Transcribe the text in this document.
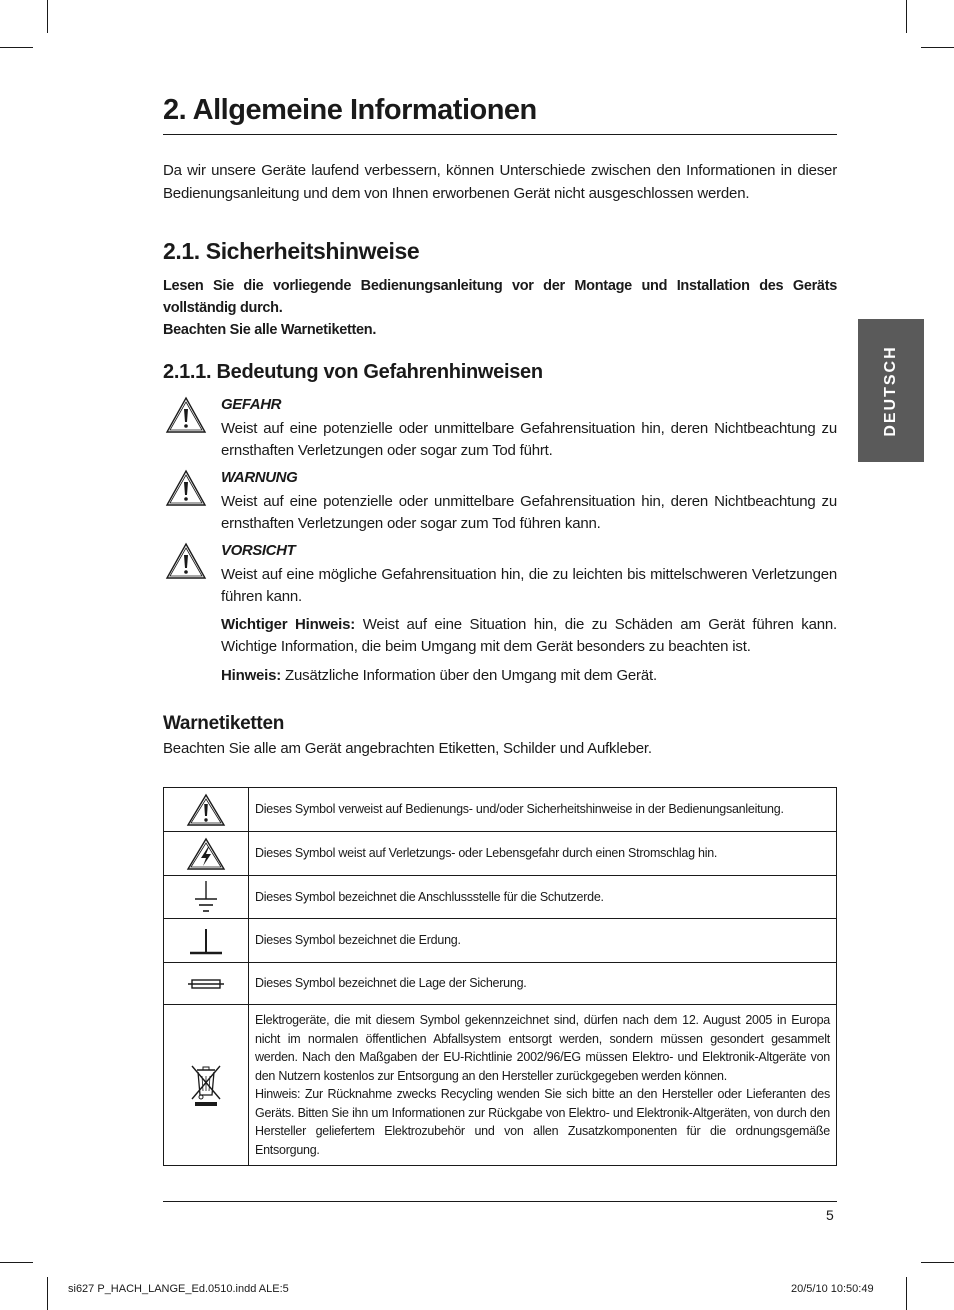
2. Allgemeine Informationen

Da wir unsere Geräte laufend verbessern, können Unterschiede zwischen den Informationen in dieser Bedienungsanleitung und dem von Ihnen erworbenen Gerät nicht ausgeschlossen werden.

2.1. Sicherheitshinweise

Lesen Sie die vorliegende Bedienungsanleitung vor der Montage und Installation des Geräts vollständig durch.

Beachten Sie alle Warnetiketten.

2.1.1. Bedeutung von Gefahrenhinweisen
GEFAHR

Weist auf eine potenzielle oder unmittelbare Gefahrensituation hin, deren Nichtbeachtung zu ernsthaften Verletzungen oder sogar zum Tod führt.

WARNUNG

Weist auf eine potenzielle oder unmittelbare Gefahrensituation hin, deren Nichtbeachtung zu ernsthaften Verletzungen oder sogar zum Tod führen kann.

VORSICHT

Weist auf eine mögliche Gefahrensituation hin, die zu leichten bis mittelschweren Verletzungen führen kann.

Wichtiger Hinweis: Weist auf eine Situation hin, die zu Schäden am Gerät führen kann. Wichtige Information, die beim Umgang mit dem Gerät besonders zu beachten ist.

Hinweis: Zusätzliche Information über den Umgang mit dem Gerät.

Warnetiketten

Beachten Sie alle am Gerät angebrachten Etiketten, Schilder und Aufkleber.

	Dieses Symbol verweist auf Bedienungs- und/oder Sicherheitshinweise in der Bedienungsanleitung.

	Dieses Symbol weist auf Verletzungs- oder Lebensgefahr durch einen Stromschlag hin.

	Dieses Symbol bezeichnet die Anschlussstelle für die Schutzerde.

	Dieses Symbol bezeichnet die Erdung.

	Dieses Symbol bezeichnet die Lage der Sicherung.

Elektrogeräte, die mit diesem Symbol gekennzeichnet sind, dürfen nach dem 12. August 2005 in Europa nicht im normalen öffentlichen Abfallsystem entsorgt werden, sondern müssen gesondert gesammelt werden. Nach den Maßgaben der EU-Richtlinie 2002/96/EG müssen Elektro- und Elektronik-Altgeräte von den Nutzern kostenlos zur Entsorgung an den Hersteller zurückgegeben werden können.
Hinweis: Zur Rücknahme zwecks Recycling wenden Sie sich bitte an den Hersteller oder Lieferanten des Geräts. Bitten Sie ihn um Informationen zur Rückgabe von Elektro- und Elektronik-Altgeräten, von durch den Hersteller geliefertem Elektrozubehör und von allen Zusatzkomponenten für die ordnungsgemäße Entsorgung.
DEUTSCH
5
si627 P_HACH_LANGE_Ed.0510.indd ALE:5	20/5/10 10:50:49
